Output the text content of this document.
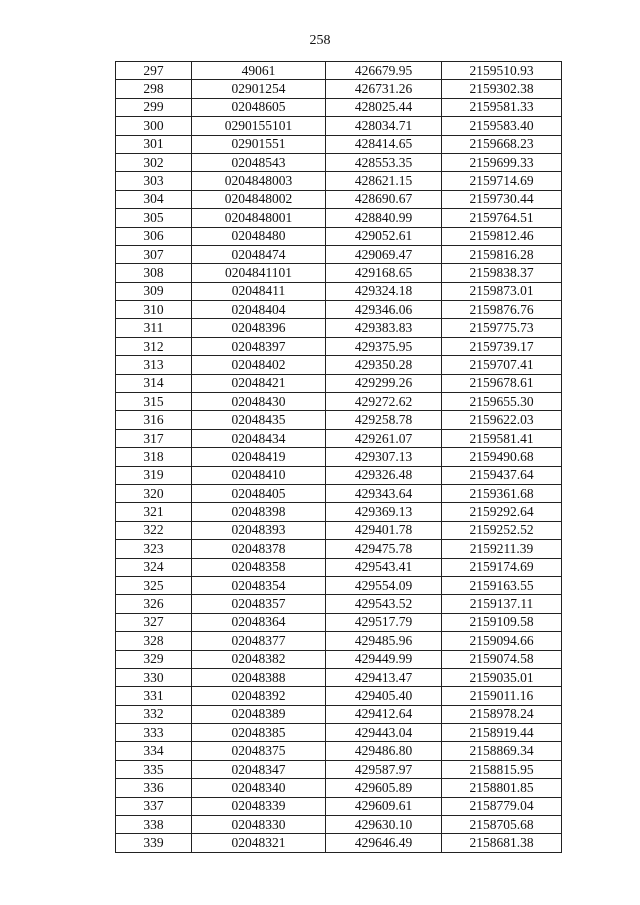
258
297	49061	426679.95	2159510.93
298	02901254	426731.26	2159302.38
299	02048605	428025.44	2159581.33
300	0290155101	428034.71	2159583.40
301	02901551	428414.65	2159668.23
302	02048543	428553.35	2159699.33
303	0204848003	428621.15	2159714.69
304	0204848002	428690.67	2159730.44
305	0204848001	428840.99	2159764.51
306	02048480	429052.61	2159812.46
307	02048474	429069.47	2159816.28
308	0204841101	429168.65	2159838.37
309	02048411	429324.18	2159873.01
310	02048404	429346.06	2159876.76
311	02048396	429383.83	2159775.73
312	02048397	429375.95	2159739.17
313	02048402	429350.28	2159707.41
314	02048421	429299.26	2159678.61
315	02048430	429272.62	2159655.30
316	02048435	429258.78	2159622.03
317	02048434	429261.07	2159581.41
318	02048419	429307.13	2159490.68
319	02048410	429326.48	2159437.64
320	02048405	429343.64	2159361.68
321	02048398	429369.13	2159292.64
322	02048393	429401.78	2159252.52
323	02048378	429475.78	2159211.39
324	02048358	429543.41	2159174.69
325	02048354	429554.09	2159163.55
326	02048357	429543.52	2159137.11
327	02048364	429517.79	2159109.58
328	02048377	429485.96	2159094.66
329	02048382	429449.99	2159074.58
330	02048388	429413.47	2159035.01
331	02048392	429405.40	2159011.16
332	02048389	429412.64	2158978.24
333	02048385	429443.04	2158919.44
334	02048375	429486.80	2158869.34
335	02048347	429587.97	2158815.95
336	02048340	429605.89	2158801.85
337	02048339	429609.61	2158779.04
338	02048330	429630.10	2158705.68
339	02048321	429646.49	2158681.38
